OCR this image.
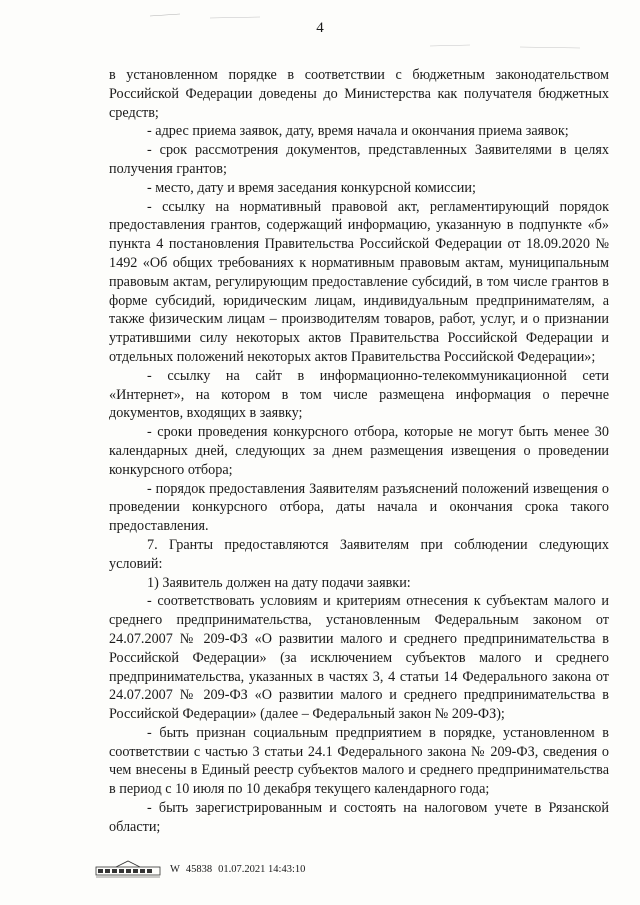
4

в установленном порядке в соответствии с бюджетным законодательством Российской Федерации доведены до Министерства как получателя бюджетных средств;

- адрес приема заявок, дату, время начала и окончания приема заявок;

- срок рассмотрения документов, представленных Заявителями в целях получения грантов;

- место, дату и время заседания конкурсной комиссии;

- ссылку на нормативный правовой акт, регламентирующий порядок предоставления грантов, содержащий информацию, указанную в подпункте «б» пункта 4 постановления Правительства Российской Федерации от 18.09.2020 № 1492 «Об общих требованиях к нормативным правовым актам, муниципальным правовым актам, регулирующим предоставление субсидий, в том числе грантов в форме субсидий, юридическим лицам, индивидуальным предпринимателям, а также физическим лицам – производителям товаров, работ, услуг, и о признании утратившими силу некоторых актов Правительства Российской Федерации и отдельных положений некоторых актов Правительства Российской Федерации»;

- ссылку на сайт в информационно-телекоммуникационной сети «Интернет», на котором в том числе размещена информация о перечне документов, входящих в заявку;

- сроки проведения конкурсного отбора, которые не могут быть менее 30 календарных дней, следующих за днем размещения извещения о проведении конкурсного отбора;

- порядок предоставления Заявителям разъяснений положений извещения о проведении конкурсного отбора, даты начала и окончания срока такого предоставления.

7. Гранты предоставляются Заявителям при соблюдении следующих условий:

1) Заявитель должен на дату подачи заявки:

- соответствовать условиям и критериям отнесения к субъектам малого и среднего предпринимательства, установленным Федеральным законом от 24.07.2007 № 209-ФЗ «О развитии малого и среднего предпринимательства в Российской Федерации» (за исключением субъектов малого и среднего предпринимательства, указанных в частях 3, 4 статьи 14 Федерального закона от 24.07.2007 № 209-ФЗ «О развитии малого и среднего предпринимательства в Российской Федерации» (далее – Федеральный закон № 209-ФЗ);

- быть признан социальным предприятием в порядке, установленном в соответствии с частью 3 статьи 24.1 Федерального закона № 209-ФЗ, сведения о чем внесены в Единый реестр субъектов малого и среднего предпринимательства в период с 10 июля по 10 декабря текущего календарного года;

- быть зарегистрированным и состоять на налоговом учете в Рязанской области;

W 45838 01.07.2021 14:43:10
